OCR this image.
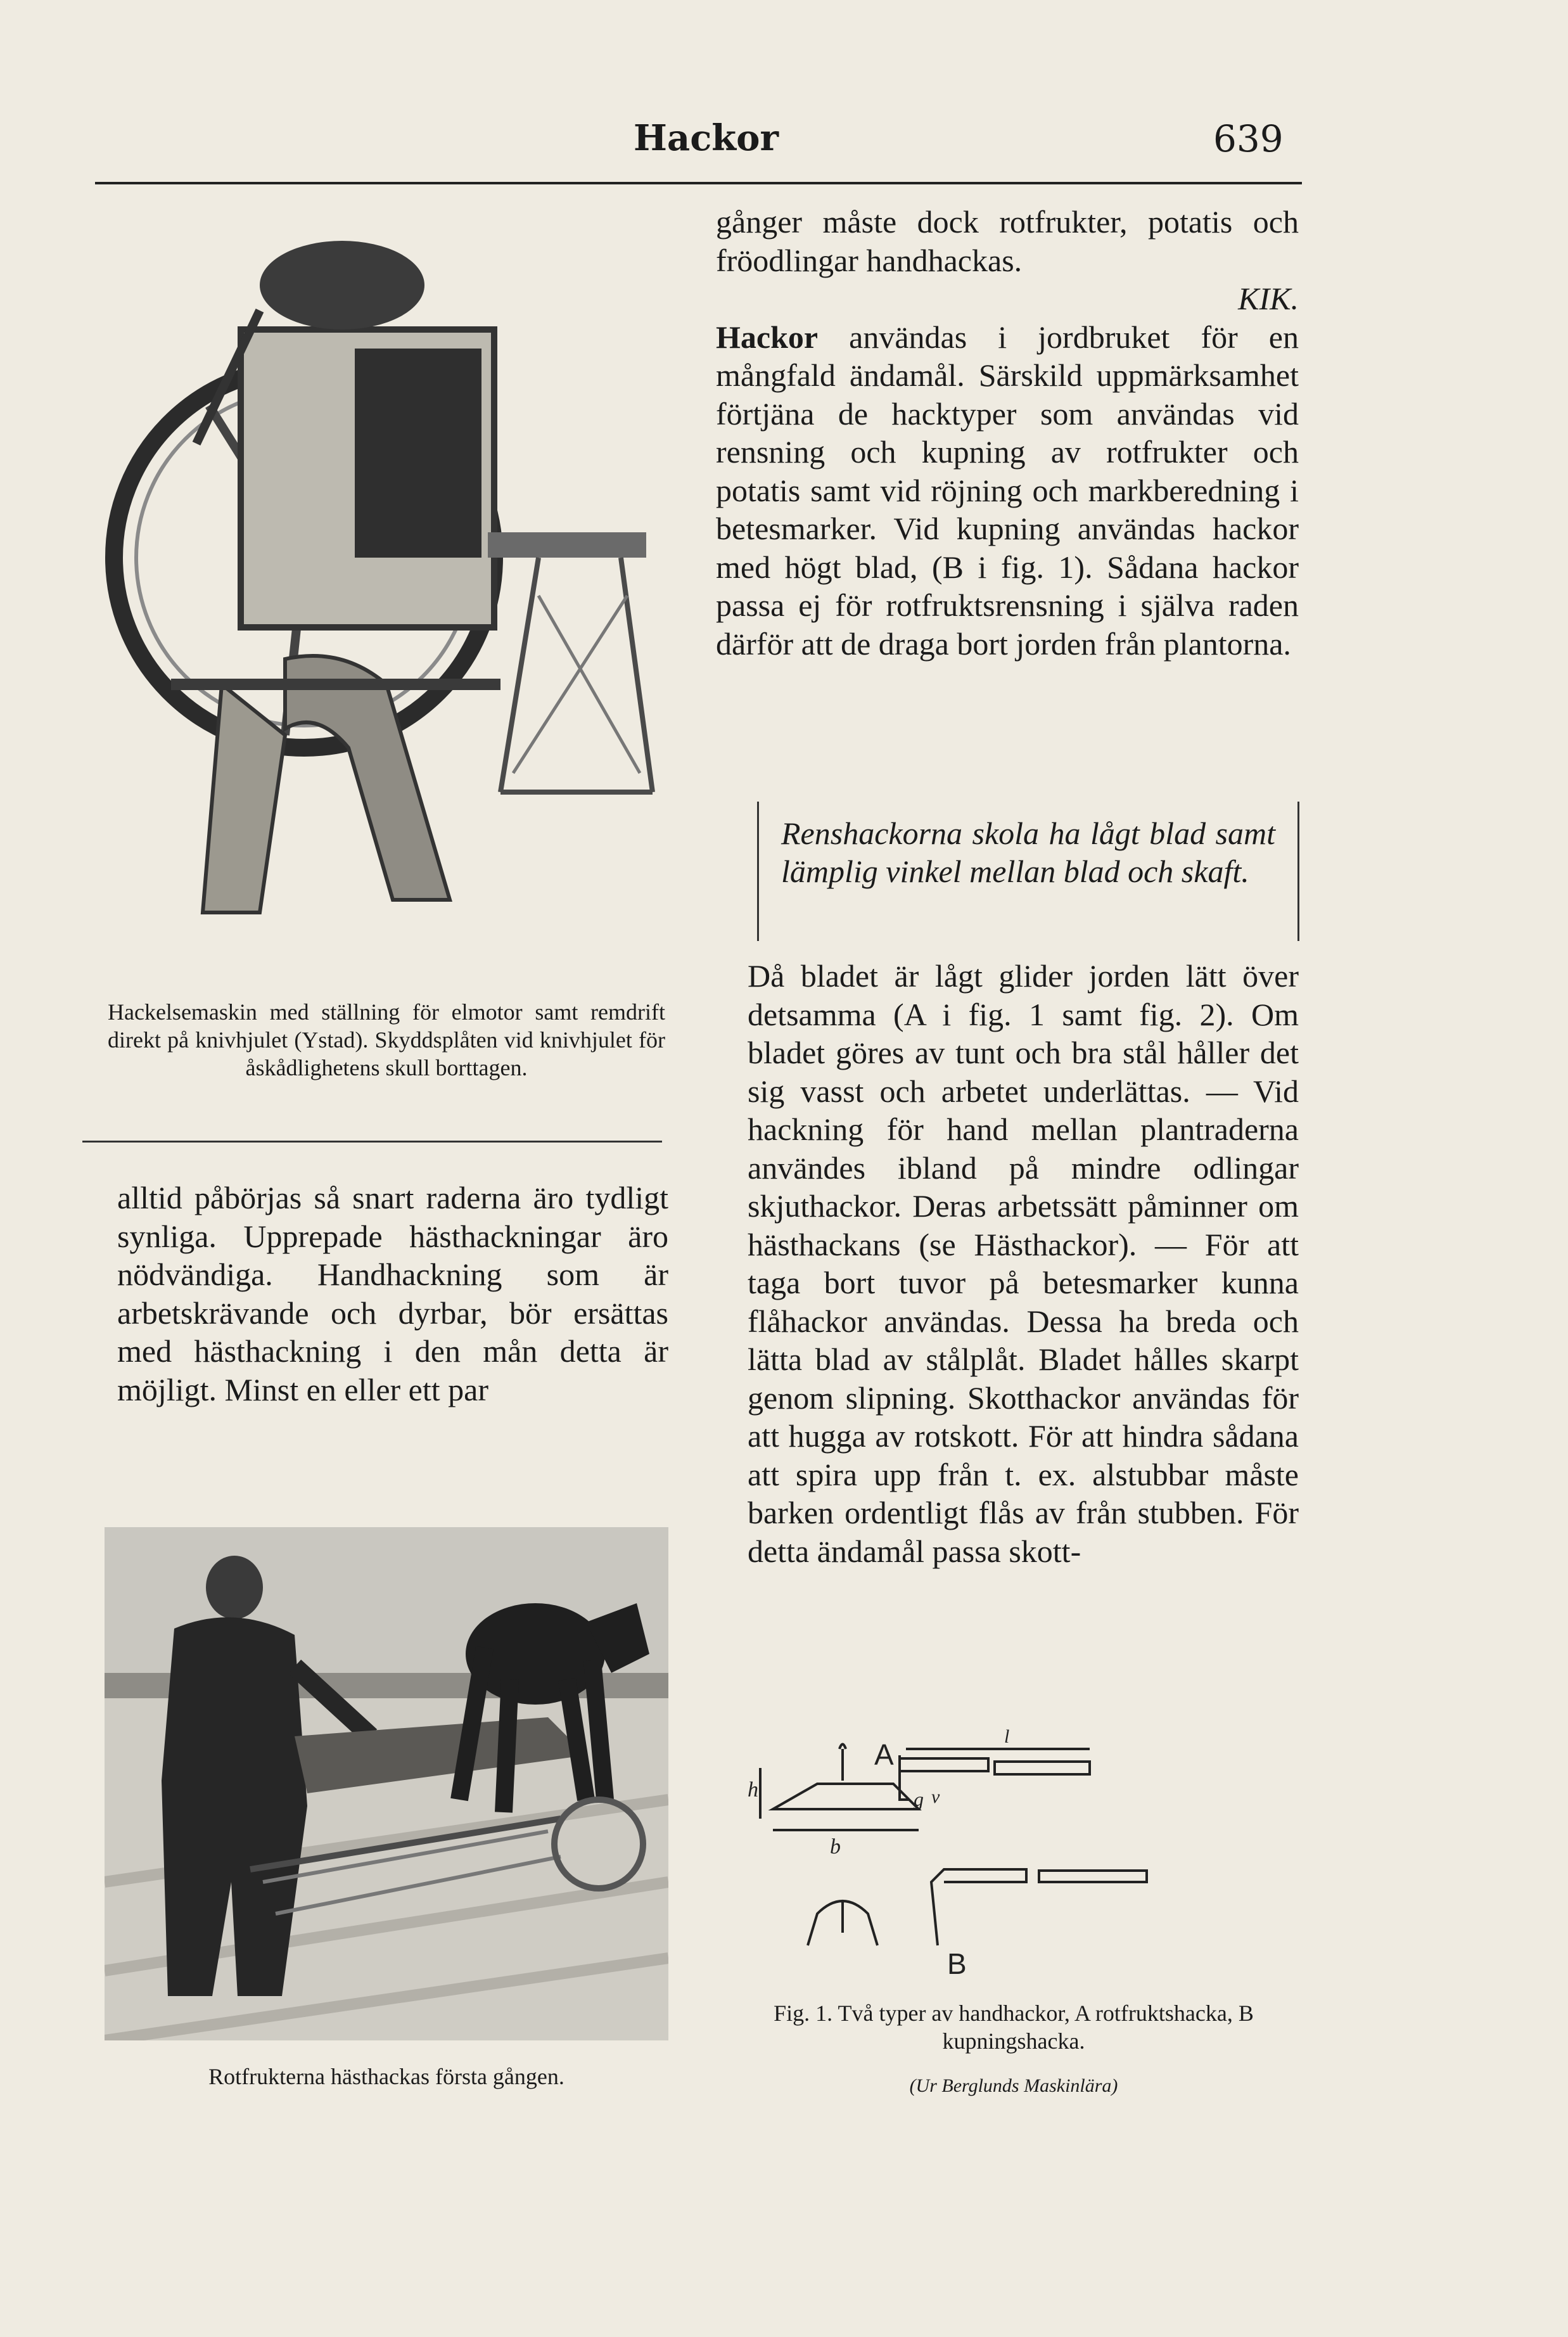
Hackor	639
Hackelsemaskin med ställning för elmotor samt remdrift direkt på knivhjulet (Ystad). Skyddsplåten vid knivhjulet för åskådlighetens skull borttagen.

gånger måste dock rotfrukter, potatis och fröodlingar handhackas.

KIK.

Hackor användas i jordbruket för en mångfald ändamål. Särskild uppmärksamhet förtjäna de hacktyper som användas vid rensning och kupning av rotfrukter och potatis samt vid röjning och markberedning i betesmarker. Vid kupning användas hackor med högt blad, (B i fig. 1). Sådana hackor passa ej för rotfruktsrensning i själva raden därför att de draga bort jorden från plantorna.

Renshackorna skola ha lågt blad samt lämplig vinkel mellan blad och skaft.

Då bladet är lågt glider jorden lätt över detsamma (A i fig. 1 samt fig. 2). Om bladet göres av tunt och bra stål håller det sig vasst och arbetet underlättas. — Vid hackning för hand mellan plantraderna användes ibland på mindre odlingar skjuthackor. Deras arbetssätt påminner om hästhackans (se Hästhackor). — För att taga bort tuvor på betesmarker kunna flåhackor användas. Dessa ha breda och lätta blad av stålplåt. Bladet hålles skarpt genom slipning. Skotthackor användas för att hugga av rotskott. För att hindra sådana att spira upp från t. ex. alstubbar måste barken ordentligt flås av från stubben. För detta ändamål passa skott-

alltid påbörjas så snart raderna äro tydligt synliga. Upprepade hästhackningar äro nödvändiga. Handhackning som är arbetskrävande och dyrbar, bör ersättas med hästhackning i den mån detta är möjligt. Minst en eller ett par

Rotfrukterna hästhackas första gången.
h
b
v
A
l
g
B
Fig. 1. Två typer av handhackor, A rotfruktshacka, B kupningshacka.
(Ur Berglunds Maskinlära)
